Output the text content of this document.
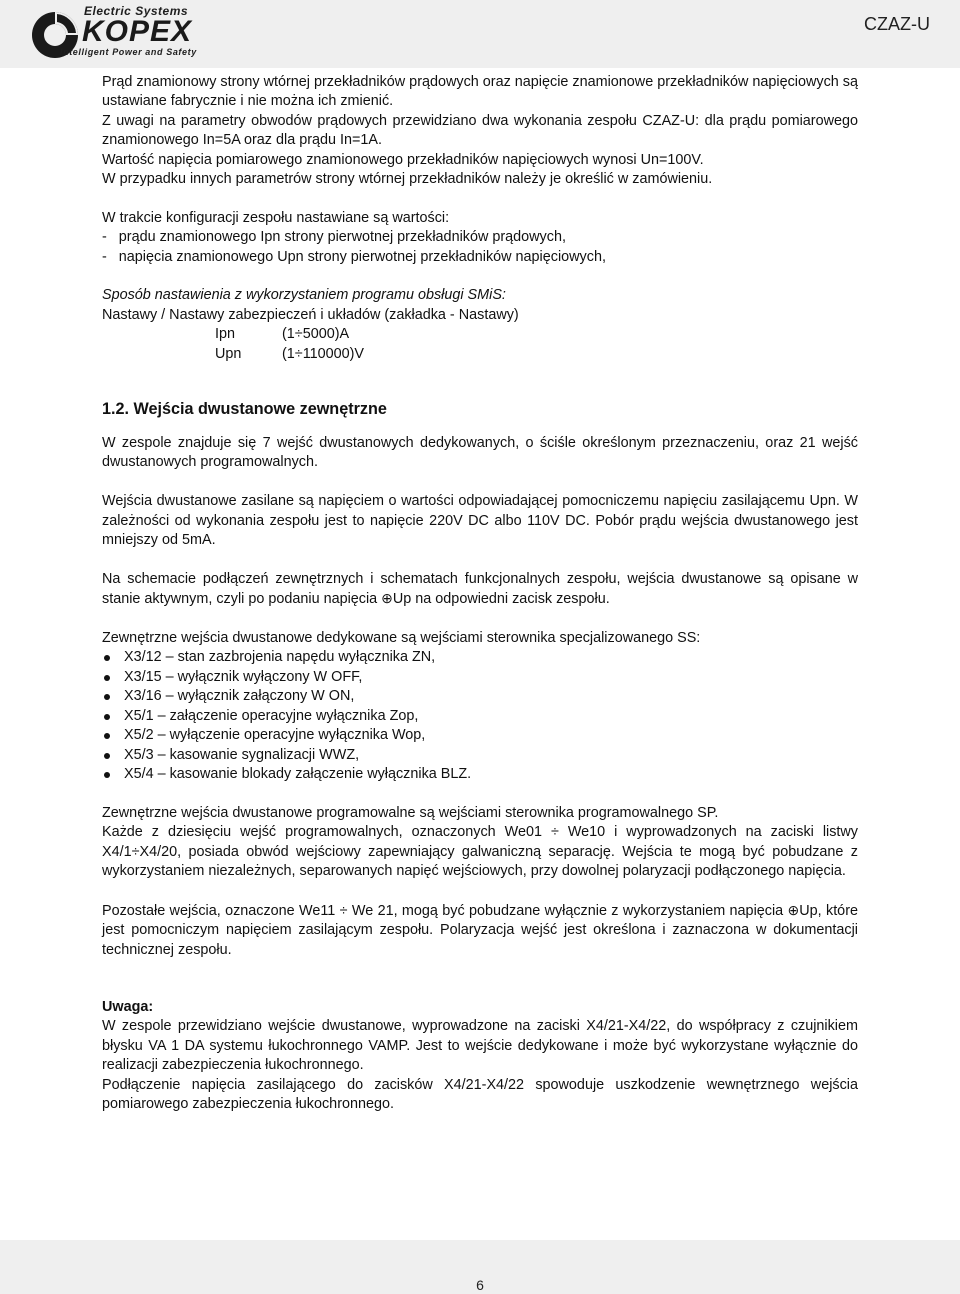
Electric Systems
KOPEX
Intelligent Power and Safety
CZAZ-U

Prąd znamionowy strony wtórnej przekładników prądowych oraz napięcie znamionowe przekładników napięciowych są ustawiane fabrycznie i nie można ich zmienić.

Z uwagi na parametry obwodów prądowych przewidziano dwa wykonania zespołu CZAZ-U: dla prądu pomiarowego znamionowego In=5A oraz dla prądu In=1A.

Wartość napięcia pomiarowego znamionowego przekładników napięciowych wynosi Un=100V.

W przypadku innych parametrów strony wtórnej przekładników należy je określić w zamówieniu.

W trakcie konfiguracji zespołu nastawiane są wartości:

-   prądu znamionowego Ipn strony pierwotnej przekładników prądowych,

-   napięcia znamionowego Upn strony pierwotnej przekładników napięciowych,

Sposób nastawienia z wykorzystaniem programu obsługi SMiS:

Nastawy / Nastawy zabezpieczeń i układów (zakładka - Nastawy)

Ipn	(1÷5000)A
Upn	(1÷110000)V

1.2. Wejścia dwustanowe zewnętrzne

W zespole znajduje się 7 wejść dwustanowych dedykowanych, o ściśle określonym przeznaczeniu, oraz 21 wejść dwustanowych programowalnych.

Wejścia dwustanowe zasilane są napięciem o wartości odpowiadającej pomocniczemu napięciu zasilającemu Upn. W zależności od wykonania zespołu jest to napięcie 220V DC albo 110V DC. Pobór prądu wejścia dwustanowego jest mniejszy od 5mA.

Na schemacie podłączeń zewnętrznych i schematach funkcjonalnych zespołu, wejścia dwustanowe są opisane w stanie aktywnym, czyli po podaniu napięcia ⊕Up na odpowiedni zacisk zespołu.

Zewnętrzne wejścia dwustanowe dedykowane są wejściami sterownika specjalizowanego SS:

X3/12 – stan zazbrojenia napędu wyłącznika ZN,
X3/15 – wyłącznik wyłączony W OFF,
X3/16 – wyłącznik załączony W ON,
X5/1 – załączenie operacyjne wyłącznika Zop,
X5/2 – wyłączenie operacyjne wyłącznika Wop,
X5/3 – kasowanie sygnalizacji WWZ,
X5/4 – kasowanie blokady załączenie wyłącznika BLZ.

Zewnętrzne wejścia dwustanowe programowalne są wejściami sterownika programowalnego SP.

Każde z dziesięciu wejść programowalnych, oznaczonych We01 ÷ We10 i wyprowadzonych na zaciski listwy X4/1÷X4/20, posiada obwód wejściowy zapewniający galwaniczną separację. Wejścia te mogą być pobudzane z wykorzystaniem niezależnych, separowanych napięć wejściowych, przy dowolnej polaryzacji podłączonego napięcia.

Pozostałe wejścia, oznaczone We11 ÷ We 21, mogą być pobudzane wyłącznie z wykorzystaniem napięcia ⊕Up, które jest pomocniczym napięciem zasilającym zespołu. Polaryzacja wejść jest określona i zaznaczona w dokumentacji technicznej zespołu.

Uwaga:

W zespole przewidziano wejście dwustanowe, wyprowadzone na zaciski X4/21-X4/22, do współpracy z czujnikiem błysku VA 1 DA systemu łukochronnego VAMP. Jest to wejście dedykowane i może być wykorzystane wyłącznie do realizacji zabezpieczenia łukochronnego.

Podłączenie napięcia zasilającego do zacisków X4/21-X4/22 spowoduje uszkodzenie wewnętrznego wejścia pomiarowego zabezpieczenia łukochronnego.

6
